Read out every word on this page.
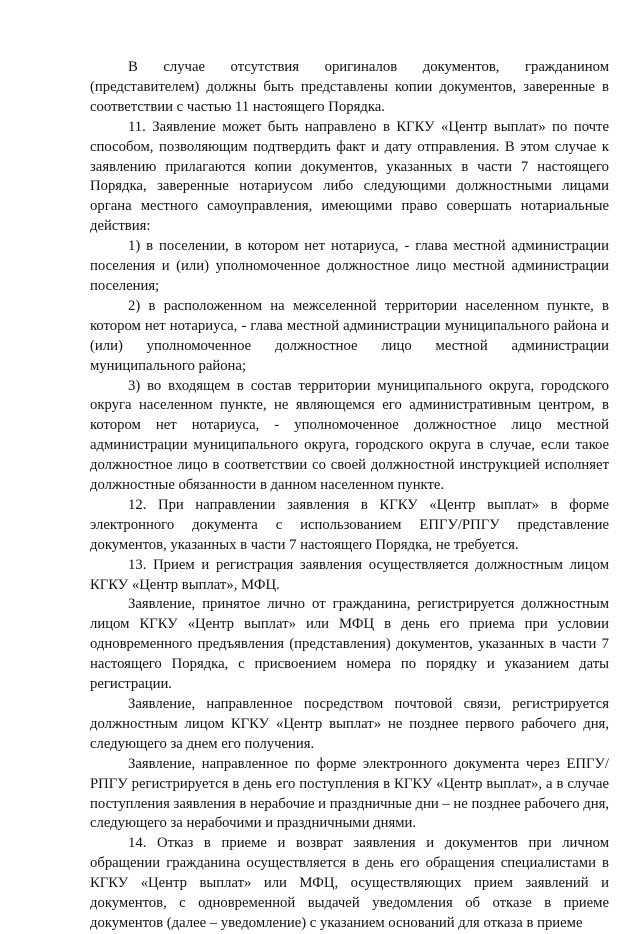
В случае отсутствия оригиналов документов, гражданином (представителем) должны быть представлены копии документов, заверенные в соответствии с частью 11 настоящего Порядка.

11. Заявление может быть направлено в КГКУ «Центр выплат» по почте способом, позволяющим подтвердить факт и дату отправления. В этом случае к заявлению прилагаются копии документов, указанных в части 7 настоящего Порядка, заверенные нотариусом либо следующими должностными лицами органа местного самоуправления, имеющими право совершать нотариальные действия:

1) в поселении, в котором нет нотариуса, - глава местной администрации поселения и (или) уполномоченное должностное лицо местной администрации поселения;

2) в расположенном на межселенной территории населенном пункте, в котором нет нотариуса, - глава местной администрации муниципального района и (или) уполномоченное должностное лицо местной администрации муниципального района;

3) во входящем в состав территории муниципального округа, городского округа населенном пункте, не являющемся его административным центром, в котором нет нотариуса, - уполномоченное должностное лицо местной администрации муниципального округа, городского округа в случае, если такое должностное лицо в соответствии со своей должностной инструкцией исполняет должностные обязанности в данном населенном пункте.

12. При направлении заявления в КГКУ «Центр выплат» в форме электронного документа с использованием ЕПГУ/РПГУ представление документов, указанных в части 7 настоящего Порядка, не требуется.

13. Прием и регистрация заявления осуществляется должностным лицом КГКУ «Центр выплат», МФЦ.

Заявление, принятое лично от гражданина, регистрируется должностным лицом КГКУ «Центр выплат» или МФЦ в день его приема при условии одновременного предъявления (представления) документов, указанных в части 7 настоящего Порядка, с присвоением номера по порядку и указанием даты регистрации.

Заявление, направленное посредством почтовой связи, регистрируется должностным лицом КГКУ «Центр выплат» не позднее первого рабочего дня, следующего за днем его получения.

Заявление, направленное по форме электронного документа через ЕПГУ/РПГУ регистрируется в день его поступления в КГКУ «Центр выплат», а в случае поступления заявления в нерабочие и праздничные дни – не позднее рабочего дня, следующего за нерабочими и праздничными днями.

14. Отказ в приеме и возврат заявления и документов при личном обращении гражданина осуществляется в день его обращения специалистами в КГКУ «Центр выплат» или МФЦ, осуществляющих прием заявлений и документов, с одновременной выдачей уведомления об отказе в приеме документов (далее – уведомление) с указанием оснований для отказа в приеме
